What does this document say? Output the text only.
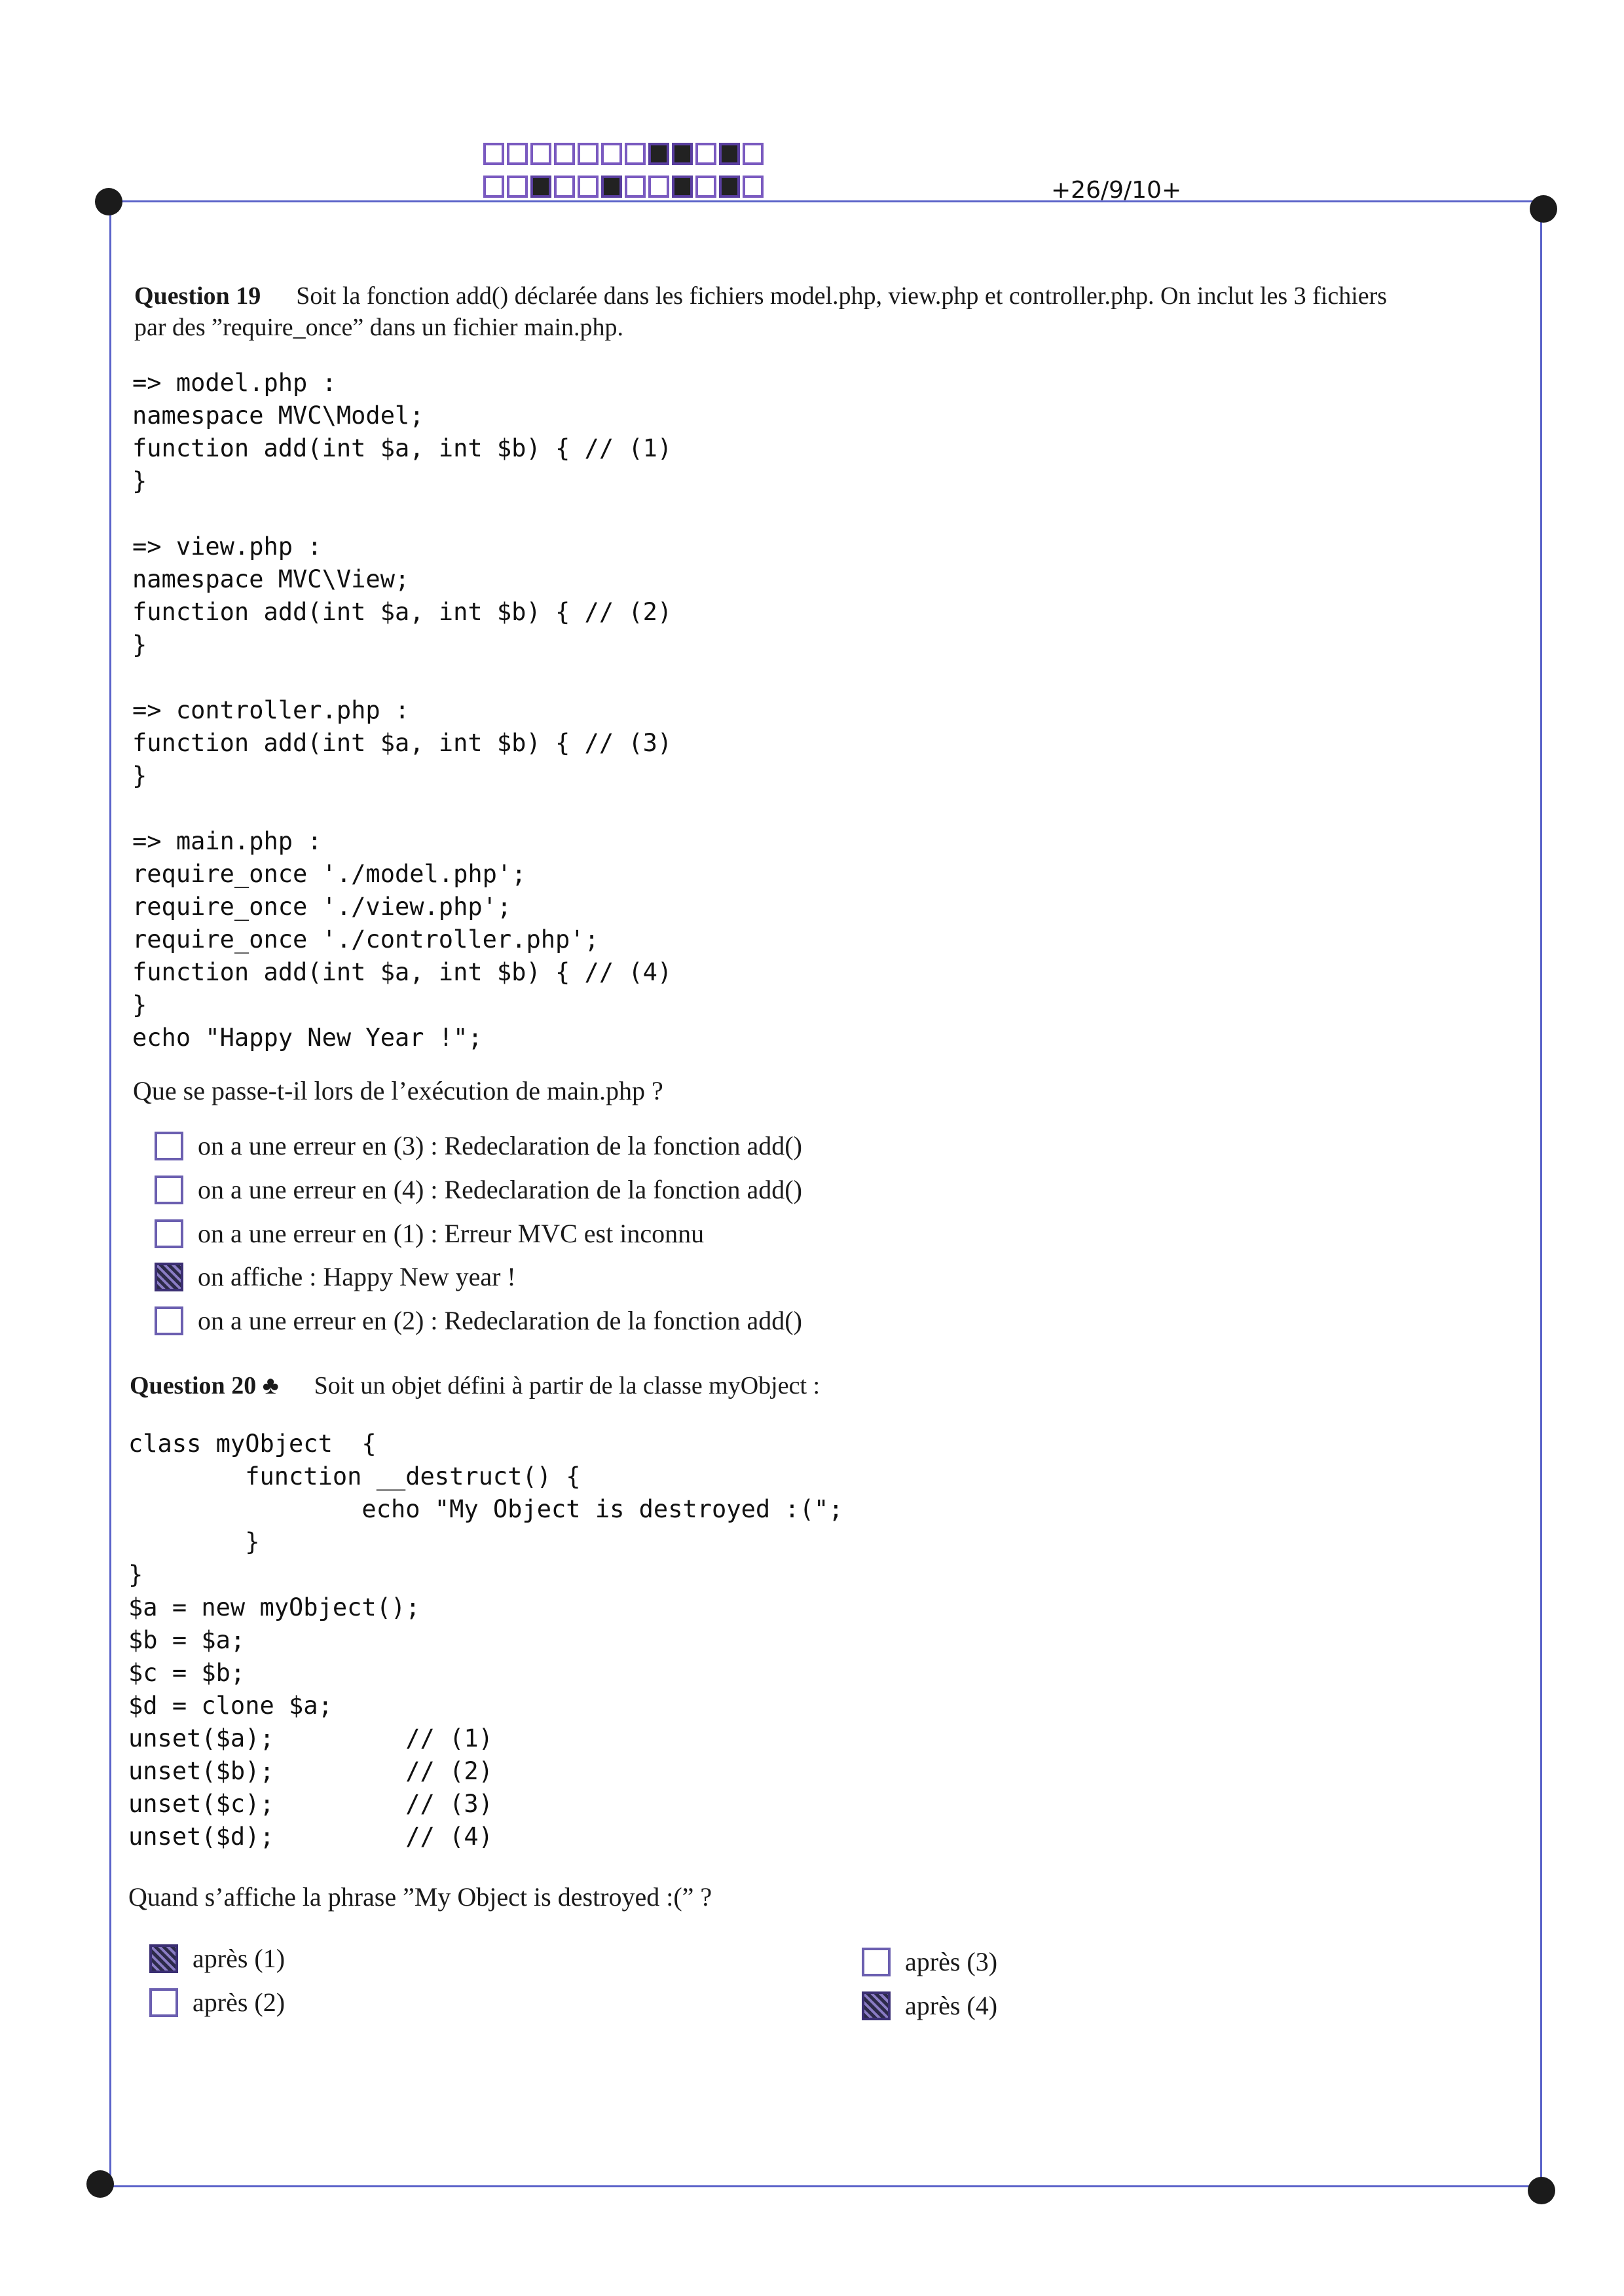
+26/9/10+
Question 19 Soit la fonction add() déclarée dans les fichiers model.php, view.php et controller.php. On inclut les 3 fichiers
par des ”require_once” dans un fichier main.php.
=> model.php :
namespace MVC\Model;
function add(int $a, int $b) { // (1)
}

=> view.php :
namespace MVC\View;
function add(int $a, int $b) { // (2)
}

=> controller.php :
function add(int $a, int $b) { // (3)
}

=> main.php :
require_once './model.php';
require_once './view.php';
require_once './controller.php';
function add(int $a, int $b) { // (4)
}
echo "Happy New Year !";
Que se passe-t-il lors de l’exécution de main.php ?
on a une erreur en (3) : Redeclaration de la fonction add()
on a une erreur en (4) : Redeclaration de la fonction add()
on a une erreur en (1) : Erreur MVC est inconnu
on affiche : Happy New year !
on a une erreur en (2) : Redeclaration de la fonction add()
Question 20 ♣ Soit un objet défini à partir de la classe myObject :
class myObject  {
function __destruct() {
echo "My Object is destroyed :(";
}
}
$a = new myObject();
$b = $a;
$c = $b;
$d = clone $a;
unset($a);         // (1)
unset($b);         // (2)
unset($c);         // (3)
unset($d);         // (4)
Quand s’affiche la phrase ”My Object is destroyed :(” ?
après (1)
après (2)
après (3)
après (4)
